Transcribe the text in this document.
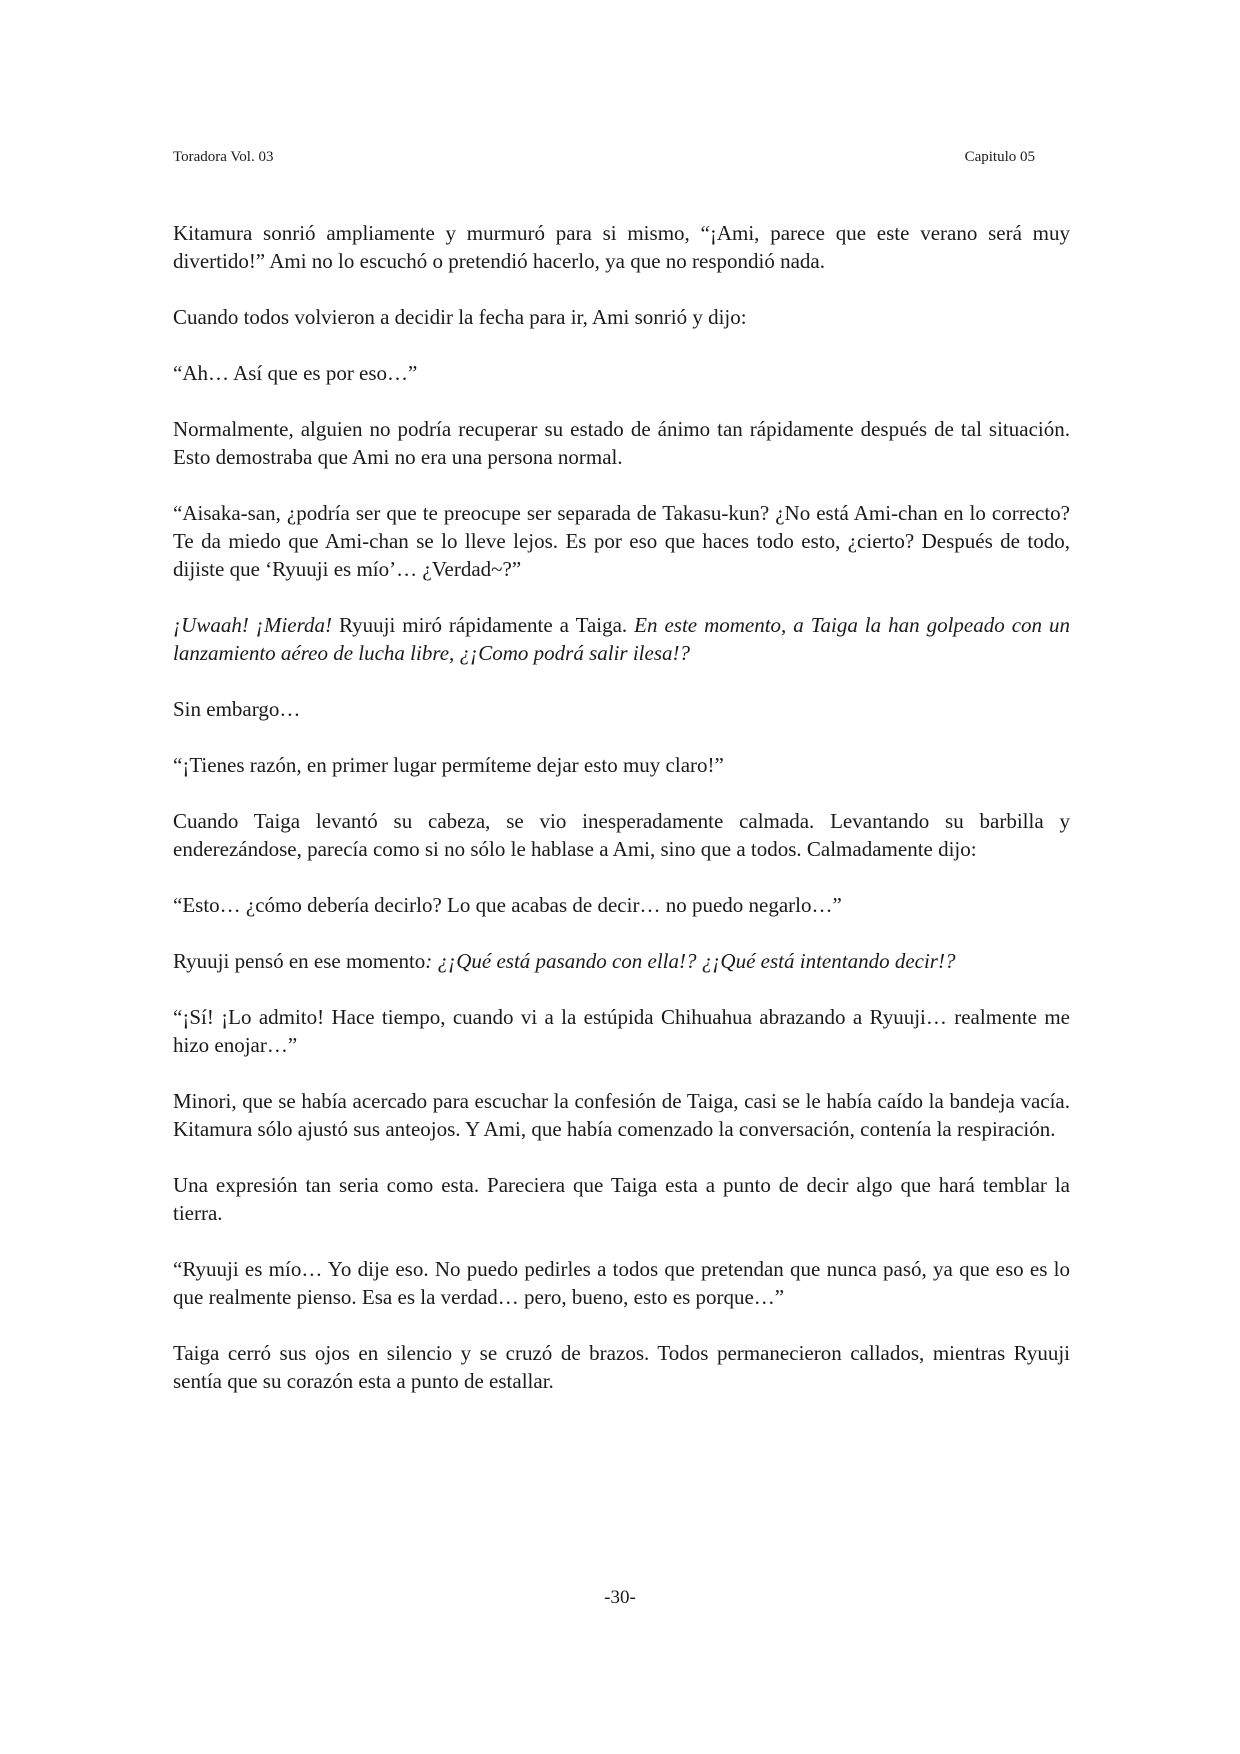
Toradora Vol. 03	Capitulo 05

Kitamura sonrió ampliamente y murmuró para si mismo, “¡Ami, parece que este verano será muy divertido!” Ami no lo escuchó o pretendió hacerlo, ya que no respondió nada.

Cuando todos volvieron a decidir la fecha para ir, Ami sonrió y dijo:

“Ah… Así que es por eso…”

Normalmente, alguien no podría recuperar su estado de ánimo tan rápidamente después de tal situación. Esto demostraba que Ami no era una persona normal.

“Aisaka-san, ¿podría ser que te preocupe ser separada de Takasu-kun? ¿No está Ami-chan en lo correcto? Te da miedo que Ami-chan se lo lleve lejos. Es por eso que haces todo esto, ¿cierto? Después de todo, dijiste que ‘Ryuuji es mío’… ¿Verdad~?”

¡Uwaah! ¡Mierda! Ryuuji miró rápidamente a Taiga. En este momento, a Taiga la han golpeado con un lanzamiento aéreo de lucha libre, ¿¡Como podrá salir ilesa!?

Sin embargo…

“¡Tienes razón, en primer lugar permíteme dejar esto muy claro!”

Cuando Taiga levantó su cabeza, se vio inesperadamente calmada. Levantando su barbilla y enderezándose, parecía como si no sólo le hablase a Ami, sino que a todos. Calmadamente dijo:

“Esto… ¿cómo debería decirlo? Lo que acabas de decir… no puedo negarlo…”

Ryuuji pensó en ese momento: ¿¡Qué está pasando con ella!? ¿¡Qué está intentando decir!?

“¡Sí! ¡Lo admito! Hace tiempo, cuando vi a la estúpida Chihuahua abrazando a Ryuuji… realmente me hizo enojar…”

Minori, que se había acercado para escuchar la confesión de Taiga, casi se le había caído la bandeja vacía. Kitamura sólo ajustó sus anteojos. Y Ami, que había comenzado la conversación, contenía la respiración.

Una expresión tan seria como esta. Pareciera que Taiga esta a punto de decir algo que hará temblar la tierra.

“Ryuuji es mío… Yo dije eso. No puedo pedirles a todos que pretendan que nunca pasó, ya que eso es lo que realmente pienso. Esa es la verdad… pero, bueno, esto es porque…”

Taiga cerró sus ojos en silencio y se cruzó de brazos. Todos permanecieron callados, mientras Ryuuji sentía que su corazón esta a punto de estallar.

-30-
